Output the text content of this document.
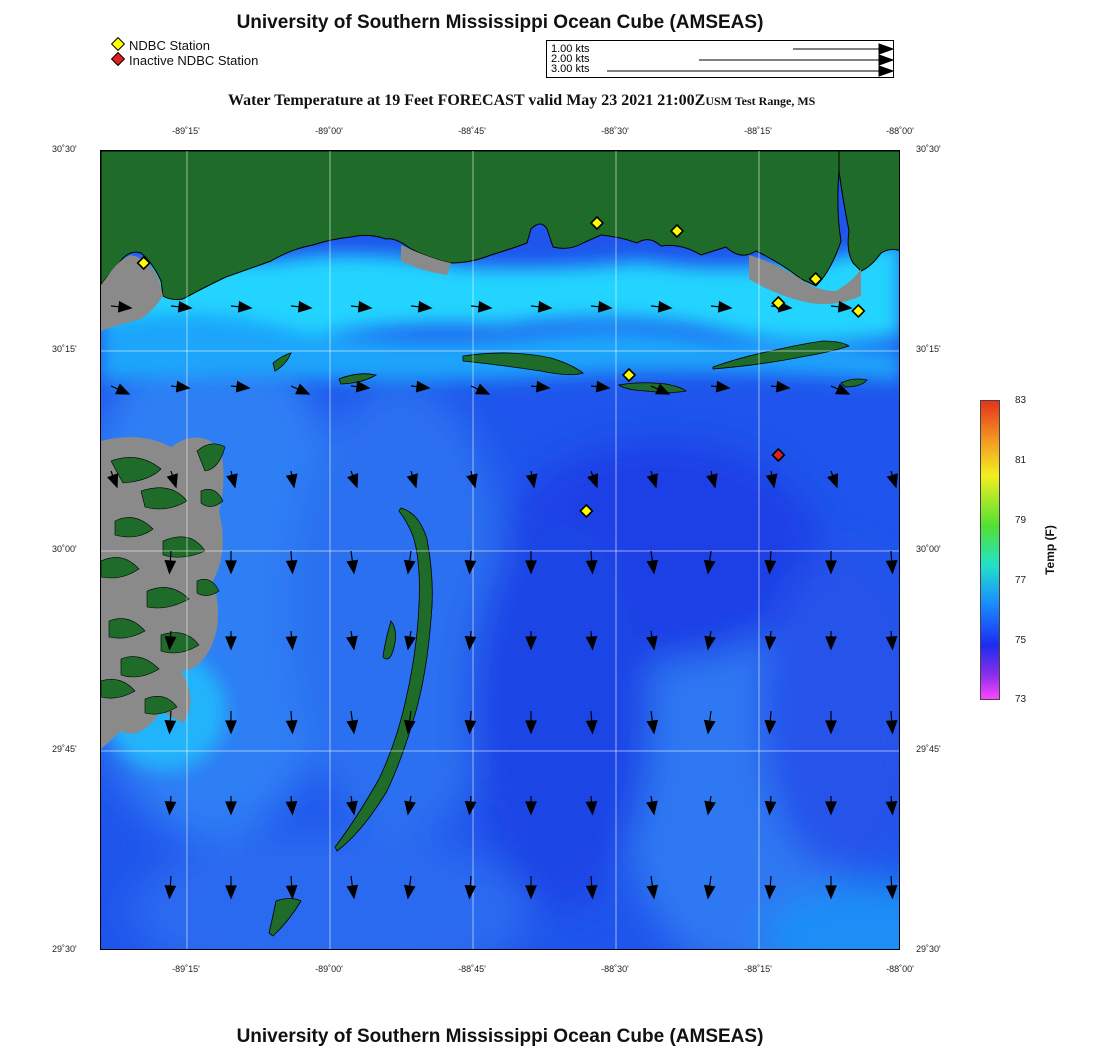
University of Southern Mississippi Ocean Cube (AMSEAS)
Water Temperature at 19 Feet FORECAST valid May 23 2021 21:00ZUSM Test Range, MS
NDBC Station
Inactive NDBC Station
1.00 kts
2.00 kts
3.00 kts
-89˚15'	-89˚00'	-88˚45'	-88˚30'	-88˚15'	-88˚00'
-89˚15'	-89˚00'	-88˚45'	-88˚30'	-88˚15'	-88˚00'
30˚30'
30˚15'
30˚00'
29˚45'
29˚30'
30˚30'
30˚15'
30˚00'
29˚45'
29˚30'
83
81
79
77
75
73
Temp (F)
University of Southern Mississippi Ocean Cube (AMSEAS)
